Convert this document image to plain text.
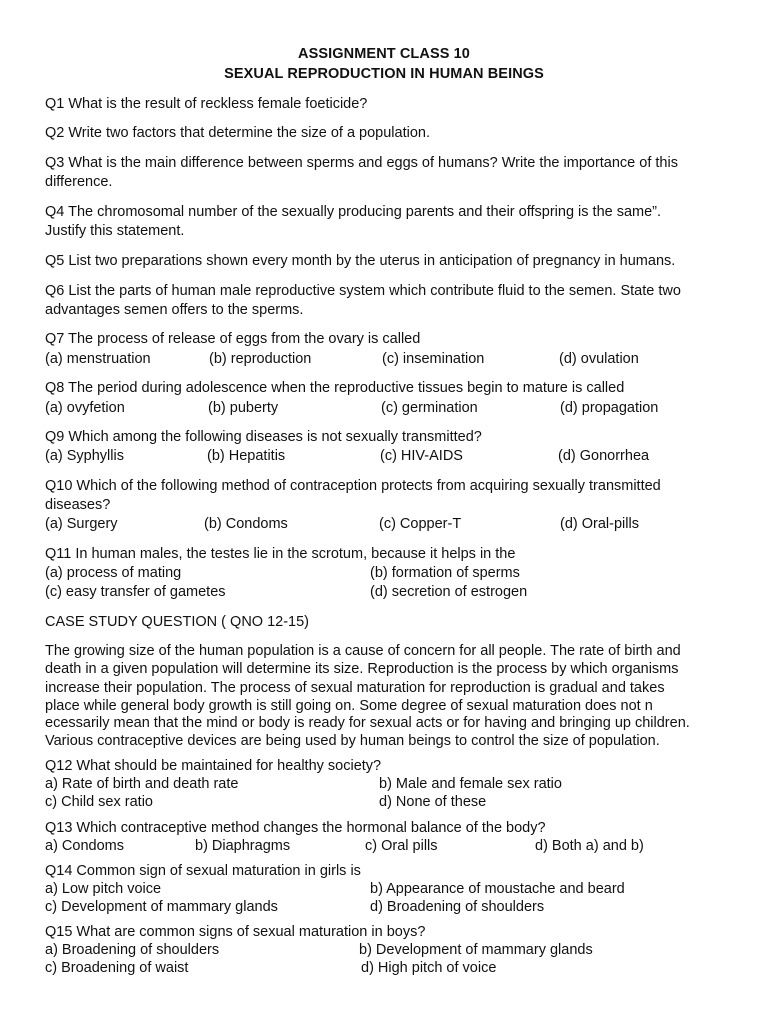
ASSIGNMENT CLASS 10
SEXUAL REPRODUCTION IN HUMAN BEINGS
Q1 What is the result of reckless female foeticide?
Q2 Write two factors that determine the size of a population.
Q3 What is the main difference between sperms and eggs of humans? Write the importance of this
difference.
Q4 The chromosomal number of the sexually producing parents and their offspring is the same”.
Justify this statement.
Q5 List two preparations shown every month by the uterus in anticipation of pregnancy in humans.
Q6 List the parts of human male reproductive system which contribute fluid to the semen. State two
advantages semen offers to the sperms.
Q7 The process of release of eggs from the ovary is called
(a) menstruation	(b) reproduction	(c) insemination	(d) ovulation
Q8 The period during adolescence when the reproductive tissues begin to mature is called
(a) ovyfetion	(b) puberty	(c) germination	(d) propagation
Q9 Which among the following diseases is not sexually transmitted?
(a) Syphyllis	(b) Hepatitis	(c) HIV-AIDS	(d) Gonorrhea
Q10 Which of the following method of contraception protects from acquiring sexually transmitted
diseases?
(a) Surgery	(b) Condoms	(c) Copper-T	(d) Oral-pills
Q11 In human males, the testes lie in the scrotum, because it helps in the
(a) process of mating	(b) formation of sperms
(c) easy transfer of gametes	(d) secretion of estrogen
CASE STUDY QUESTION ( QNO 12-15)
The growing size of the human population is a cause of concern for all people. The rate of birth and
death in a given population will determine its size. Reproduction is the process by which organisms
increase their population. The process of sexual maturation for reproduction is gradual and takes
place while general body growth is still going on. Some degree of sexual maturation does not n
ecessarily mean that the mind or body is ready for sexual acts or for having and bringing up children.
Various contraceptive devices are being used by human beings to control the size of population.
Q12 What should be maintained for healthy society?
a) Rate of birth and death rate	b) Male and female sex ratio
c) Child sex ratio	d) None of these
Q13 Which contraceptive method changes the hormonal balance of the body?
a) Condoms	b) Diaphragms	c) Oral pills	d) Both a) and b)
Q14 Common sign of sexual maturation in girls is
a) Low pitch voice	b) Appearance of moustache and beard
c) Development of mammary glands	d) Broadening of shoulders
Q15 What are common signs of sexual maturation in boys?
a) Broadening of shoulders	b) Development of mammary glands
c) Broadening of waist	d) High pitch of voice
